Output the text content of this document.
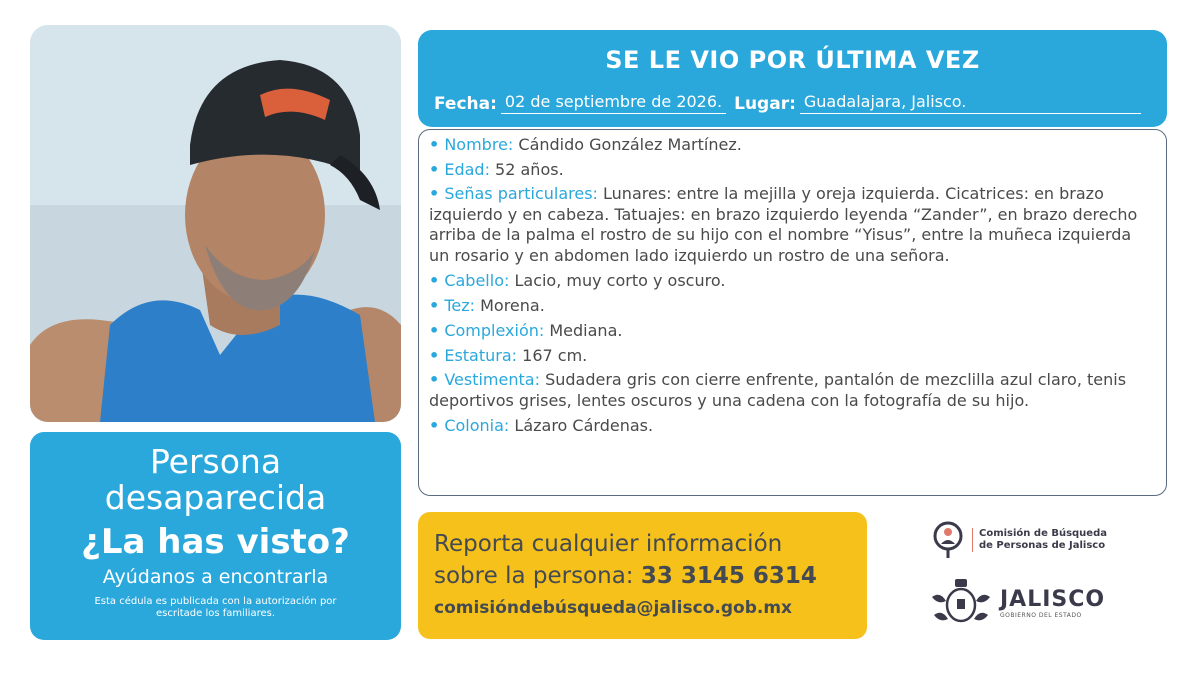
Persona
desaparecida
¿La has visto?
Ayúdanos a encontrarla
Esta cédula es publicada con la autorización por escritade los familiares.
SE LE VIO POR ÚLTIMA VEZ
Fecha: 02 de septiembre de 2026. Lugar: Guadalajara, Jalisco.
• Nombre: Cándido González Martínez.
• Edad: 52 años.
• Señas particulares: Lunares: entre la mejilla y oreja izquierda. Cicatrices: en brazo izquierdo y en cabeza. Tatuajes: en brazo izquierdo leyenda “Zander”, en brazo derecho arriba de la palma el rostro de su hijo con el nombre “Yisus”, entre la muñeca izquierda un rosario y en abdomen lado izquierdo un rostro de una señora.
• Cabello: Lacio, muy corto y oscuro.
• Tez: Morena.
• Complexión: Mediana.
• Estatura: 167 cm.
• Vestimenta: Sudadera gris con cierre enfrente, pantalón de mezclilla azul claro, tenis deportivos grises, lentes oscuros y una cadena con la fotografía de su hijo.
• Colonia: Lázaro Cárdenas.
Reporta cualquier información
sobre la persona: 33 3145 6314
comisióndebúsqueda@jalisco.gob.mx
Comisión de Búsqueda
de Personas de Jalisco
JALISCO
GOBIERNO DEL ESTADO
